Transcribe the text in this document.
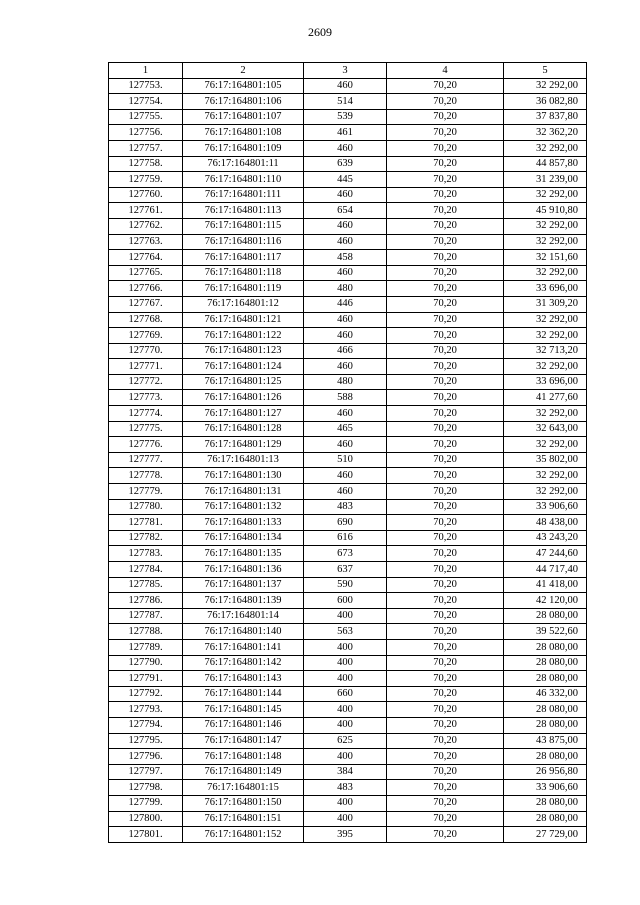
2609
1	2	3	4	5
127753.	76:17:164801:105	460	70,20	32 292,00
127754.	76:17:164801:106	514	70,20	36 082,80
127755.	76:17:164801:107	539	70,20	37 837,80
127756.	76:17:164801:108	461	70,20	32 362,20
127757.	76:17:164801:109	460	70,20	32 292,00
127758.	76:17:164801:11	639	70,20	44 857,80
127759.	76:17:164801:110	445	70,20	31 239,00
127760.	76:17:164801:111	460	70,20	32 292,00
127761.	76:17:164801:113	654	70,20	45 910,80
127762.	76:17:164801:115	460	70,20	32 292,00
127763.	76:17:164801:116	460	70,20	32 292,00
127764.	76:17:164801:117	458	70,20	32 151,60
127765.	76:17:164801:118	460	70,20	32 292,00
127766.	76:17:164801:119	480	70,20	33 696,00
127767.	76:17:164801:12	446	70,20	31 309,20
127768.	76:17:164801:121	460	70,20	32 292,00
127769.	76:17:164801:122	460	70,20	32 292,00
127770.	76:17:164801:123	466	70,20	32 713,20
127771.	76:17:164801:124	460	70,20	32 292,00
127772.	76:17:164801:125	480	70,20	33 696,00
127773.	76:17:164801:126	588	70,20	41 277,60
127774.	76:17:164801:127	460	70,20	32 292,00
127775.	76:17:164801:128	465	70,20	32 643,00
127776.	76:17:164801:129	460	70,20	32 292,00
127777.	76:17:164801:13	510	70,20	35 802,00
127778.	76:17:164801:130	460	70,20	32 292,00
127779.	76:17:164801:131	460	70,20	32 292,00
127780.	76:17:164801:132	483	70,20	33 906,60
127781.	76:17:164801:133	690	70,20	48 438,00
127782.	76:17:164801:134	616	70,20	43 243,20
127783.	76:17:164801:135	673	70,20	47 244,60
127784.	76:17:164801:136	637	70,20	44 717,40
127785.	76:17:164801:137	590	70,20	41 418,00
127786.	76:17:164801:139	600	70,20	42 120,00
127787.	76:17:164801:14	400	70,20	28 080,00
127788.	76:17:164801:140	563	70,20	39 522,60
127789.	76:17:164801:141	400	70,20	28 080,00
127790.	76:17:164801:142	400	70,20	28 080,00
127791.	76:17:164801:143	400	70,20	28 080,00
127792.	76:17:164801:144	660	70,20	46 332,00
127793.	76:17:164801:145	400	70,20	28 080,00
127794.	76:17:164801:146	400	70,20	28 080,00
127795.	76:17:164801:147	625	70,20	43 875,00
127796.	76:17:164801:148	400	70,20	28 080,00
127797.	76:17:164801:149	384	70,20	26 956,80
127798.	76:17:164801:15	483	70,20	33 906,60
127799.	76:17:164801:150	400	70,20	28 080,00
127800.	76:17:164801:151	400	70,20	28 080,00
127801.	76:17:164801:152	395	70,20	27 729,00
